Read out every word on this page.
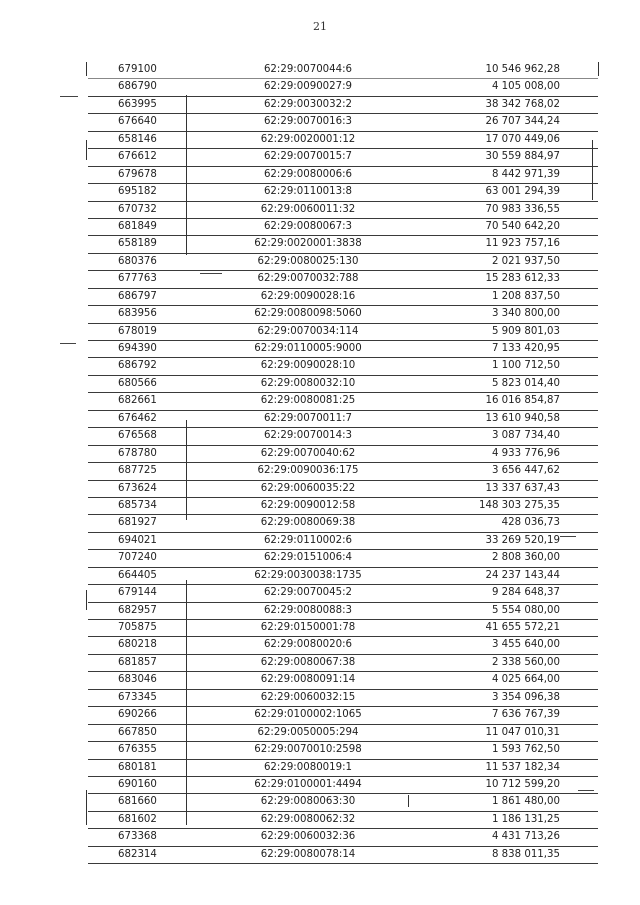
21
679100	62:29:0070044:6	10 546 962,28
686790	62:29:0090027:9	4 105 008,00
663995	62:29:0030032:2	38 342 768,02
676640	62:29:0070016:3	26 707 344,24
658146	62:29:0020001:12	17 070 449,06
676612	62:29:0070015:7	30 559 884,97
679678	62:29:0080006:6	8 442 971,39
695182	62:29:0110013:8	63 001 294,39
670732	62:29:0060011:32	70 983 336,55
681849	62:29:0080067:3	70 540 642,20
658189	62:29:0020001:3838	11 923 757,16
680376	62:29:0080025:130	2 021 937,50
677763	62:29:0070032:788	15 283 612,33
686797	62:29:0090028:16	1 208 837,50
683956	62:29:0080098:5060	3 340 800,00
678019	62:29:0070034:114	5 909 801,03
694390	62:29:0110005:9000	7 133 420,95
686792	62:29:0090028:10	1 100 712,50
680566	62:29:0080032:10	5 823 014,40
682661	62:29:0080081:25	16 016 854,87
676462	62:29:0070011:7	13 610 940,58
676568	62:29:0070014:3	3 087 734,40
678780	62:29:0070040:62	4 933 776,96
687725	62:29:0090036:175	3 656 447,62
673624	62:29:0060035:22	13 337 637,43
685734	62:29:0090012:58	148 303 275,35
681927	62:29:0080069:38	428 036,73
694021	62:29:0110002:6	33 269 520,19
707240	62:29:0151006:4	2 808 360,00
664405	62:29:0030038:1735	24 237 143,44
679144	62:29:0070045:2	9 284 648,37
682957	62:29:0080088:3	5 554 080,00
705875	62:29:0150001:78	41 655 572,21
680218	62:29:0080020:6	3 455 640,00
681857	62:29:0080067:38	2 338 560,00
683046	62:29:0080091:14	4 025 664,00
673345	62:29:0060032:15	3 354 096,38
690266	62:29:0100002:1065	7 636 767,39
667850	62:29:0050005:294	11 047 010,31
676355	62:29:0070010:2598	1 593 762,50
680181	62:29:0080019:1	11 537 182,34
690160	62:29:0100001:4494	10 712 599,20
681660	62:29:0080063:30	1 861 480,00
681602	62:29:0080062:32	1 186 131,25
673368	62:29:0060032:36	4 431 713,26
682314	62:29:0080078:14	8 838 011,35
